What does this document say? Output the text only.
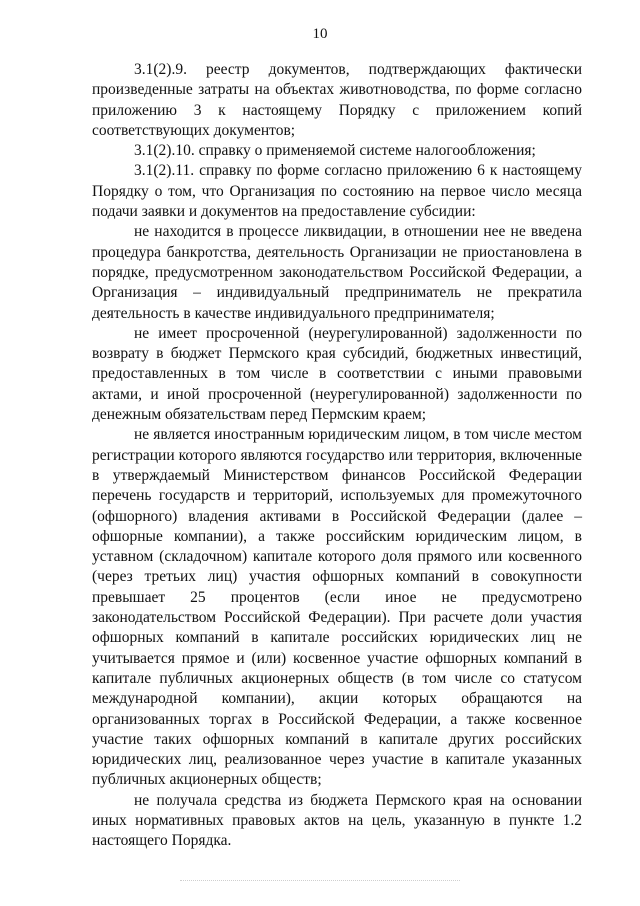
10

3.1(2).9. реестр документов, подтверждающих фактически произведенные затраты на объектах животноводства, по форме согласно приложению 3 к настоящему Порядку с приложением копий соответствующих документов;

3.1(2).10. справку о применяемой системе налогообложения;

3.1(2).11. справку по форме согласно приложению 6 к настоящему Порядку о том, что Организация по состоянию на первое число месяца подачи заявки и документов на предоставление субсидии:

не находится в процессе ликвидации, в отношении нее не введена процедура банкротства, деятельность Организации не приостановлена в порядке, предусмотренном законодательством Российской Федерации, а Организация – индивидуальный предприниматель не прекратила деятельность в качестве индивидуального предпринимателя;

не имеет просроченной (неурегулированной) задолженности по возврату в бюджет Пермского края субсидий, бюджетных инвестиций, предоставленных в том числе в соответствии с иными правовыми актами, и иной просроченной (неурегулированной) задолженности по денежным обязательствам перед Пермским краем;

не является иностранным юридическим лицом, в том числе местом регистрации которого являются государство или территория, включенные в утверждаемый Министерством финансов Российской Федерации перечень государств и территорий, используемых для промежуточного (офшорного) владения активами в Российской Федерации (далее – офшорные компании), а также российским юридическим лицом, в уставном (складочном) капитале которого доля прямого или косвенного (через третьих лиц) участия офшорных компаний в совокупности превышает 25 процентов (если иное не предусмотрено законодательством Российской Федерации). При расчете доли участия офшорных компаний в капитале российских юридических лиц не учитывается прямое и (или) косвенное участие офшорных компаний в капитале публичных акционерных обществ (в том числе со статусом международной компании), акции которых обращаются на организованных торгах в Российской Федерации, а также косвенное участие таких офшорных компаний в капитале других российских юридических лиц, реализованное через участие в капитале указанных публичных акционерных обществ;

не получала средства из бюджета Пермского края на основании иных нормативных правовых актов на цель, указанную в пункте 1.2 настоящего Порядка.
